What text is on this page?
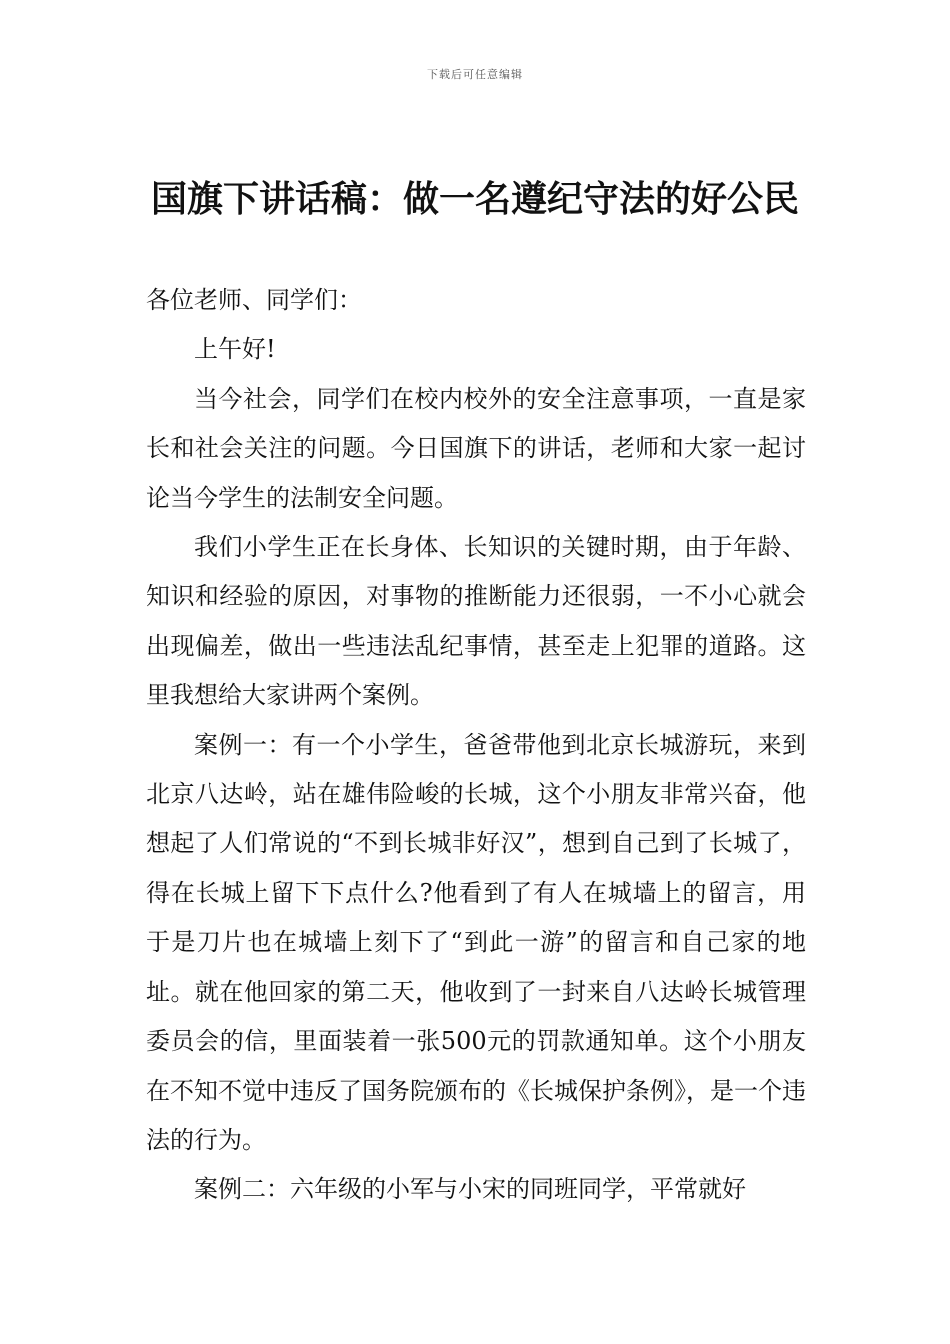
下载后可任意编辑
国旗下讲话稿：做一名遵纪守法的好公民

各位老师、同学们：

上午好!

当今社会，同学们在校内校外的安全注意事项，一直是家长和社会关注的问题。今日国旗下的讲话，老师和大家一起讨论当今学生的法制安全问题。

我们小学生正在长身体、长知识的关键时期，由于年龄、知识和经验的原因，对事物的推断能力还很弱，一不小心就会出现偏差，做出一些违法乱纪事情，甚至走上犯罪的道路。这里我想给大家讲两个案例。

案例一：有一个小学生，爸爸带他到北京长城游玩，来到北京八达岭，站在雄伟险峻的长城，这个小朋友非常兴奋，他想起了人们常说的“不到长城非好汉”，想到自己到了长城了，得在长城上留下下点什么?他看到了有人在城墙上的留言，用于是刀片也在城墙上刻下了“到此一游”的留言和自己家的地址。就在他回家的第二天，他收到了一封来自八达岭长城管理委员会的信，里面装着一张500元的罚款通知单。这个小朋友在不知不觉中违反了国务院颁布的《长城保护条例》，是一个违法的行为。

案例二：六年级的小军与小宋的同班同学，平常就好
